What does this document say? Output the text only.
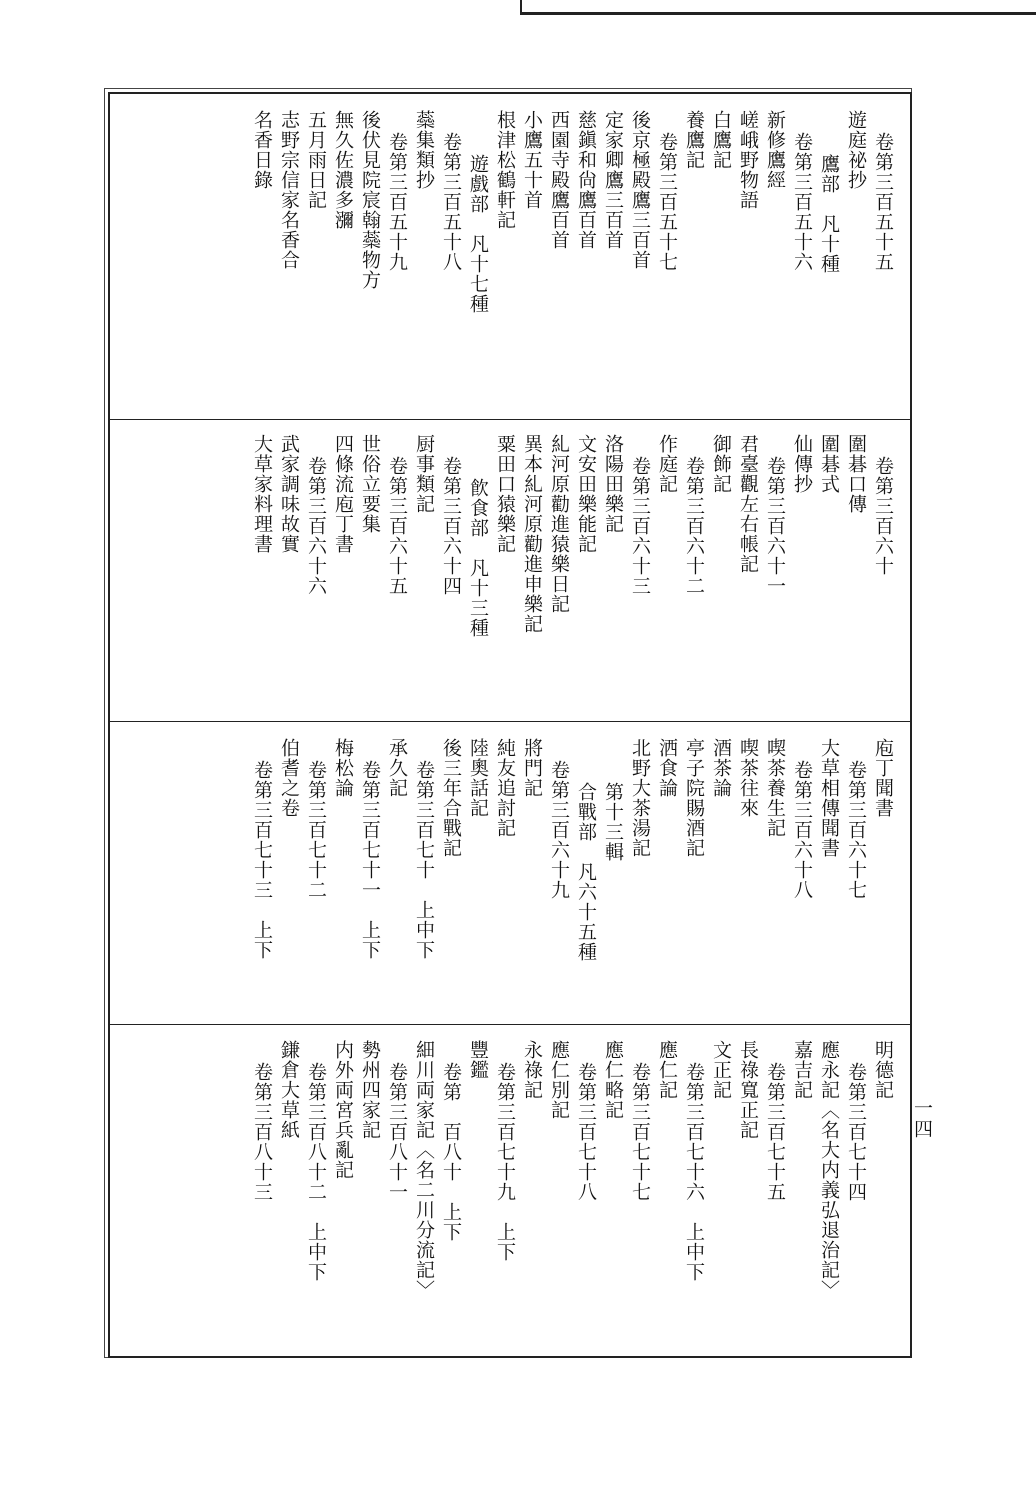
卷第三百五十五
遊庭祕抄
鷹部　凡十種
卷第三百五十六
新修鷹經
嵯峨野物語
白鷹記
養鷹記
卷第三百五十七
後京極殿鷹三百首
定家卿鷹三百首
慈鎭和尙鷹百首
西園寺殿鷹百首
小鷹五十首
根津松鶴軒記
遊戲部　凡十七種
卷第三百五十八
蘂集類抄
卷第三百五十九
後伏見院宸翰蘂物方
無久佐濃多瀰
五月雨日記
志野宗信家名香合
名香日錄
卷第三百六十
圍碁口傳
圍碁式
仙傳抄
卷第三百六十一
君臺觀左右帳記
御飾記
卷第三百六十二
作庭記
卷第三百六十三
洛陽田樂記
文安田樂能記
糺河原勸進猿樂日記
異本糺河原勸進申樂記
粟田口猿樂記
飮食部　凡十三種
卷第三百六十四
厨事類記
卷第三百六十五
世俗立要集
四條流庖丁書
卷第三百六十六
武家調味故實
大草家料理書
庖丁聞書
卷第三百六十七
大草相傳聞書
卷第三百六十八
喫茶養生記
喫茶往來
酒茶論
亭子院賜酒記
洒食論
北野大茶湯記
第十三輯
合戰部　凡六十五種
卷第三百六十九
將門記
純友追討記
陸奧話記
後三年合戰記
卷第三百七十　上中下
承久記
卷第三百七十一　上下
梅松論
卷第三百七十二
伯耆之卷
卷第三百七十三　上下
明德記
卷第三百七十四
應永記〈名大内義弘退治記〉
嘉吉記
卷第三百七十五
長祿寬正記
文正記
卷第三百七十六　上中下
應仁記
卷第三百七十七
應仁略記
卷第三百七十八
應仁別記
永祿記
卷第三百七十九　上下
豐鑑
卷第　百八十　上下
細川両家記〈名二川分流記〉
卷第三百八十一
勢州四家記
内外両宮兵亂記
卷第三百八十二　上中下
鎌倉大草紙
卷第三百八十三	一四
